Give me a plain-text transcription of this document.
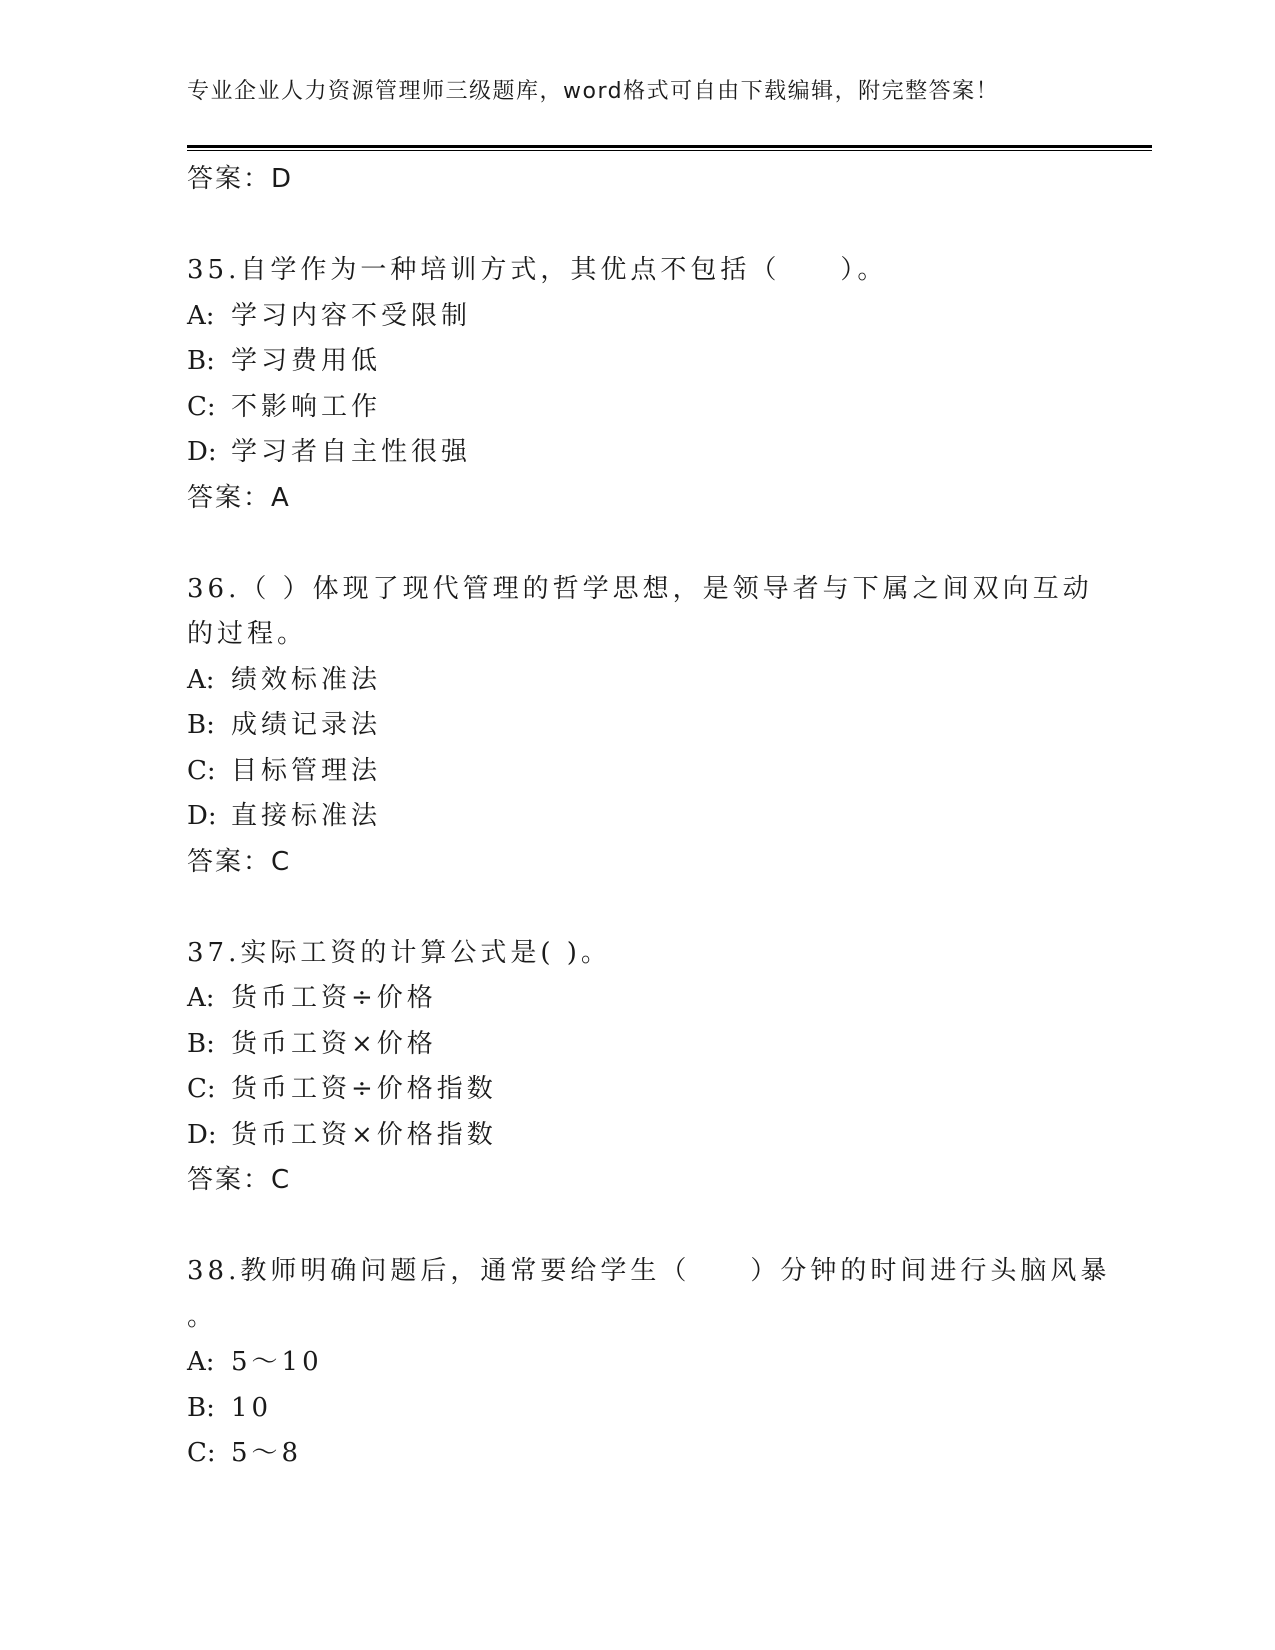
专业企业人力资源管理师三级题库，word格式可自由下载编辑，附完整答案！
答案：D
35.自学作为一种培训方式，其优点不包括（　　）。
A: 学习内容不受限制
B: 学习费用低
C: 不影响工作
D: 学习者自主性很强
答案：A
36.（ ）体现了现代管理的哲学思想，是领导者与下属之间双向互动
的过程。
A: 绩效标准法
B: 成绩记录法
C: 目标管理法
D: 直接标准法
答案：C
37.实际工资的计算公式是( )。
A: 货币工资÷价格
B: 货币工资×价格
C: 货币工资÷价格指数
D: 货币工资×价格指数
答案：C
38.教师明确问题后，通常要给学生（　　）分钟的时间进行头脑风暴
。
A: 5～10
B: 10
C: 5～8
